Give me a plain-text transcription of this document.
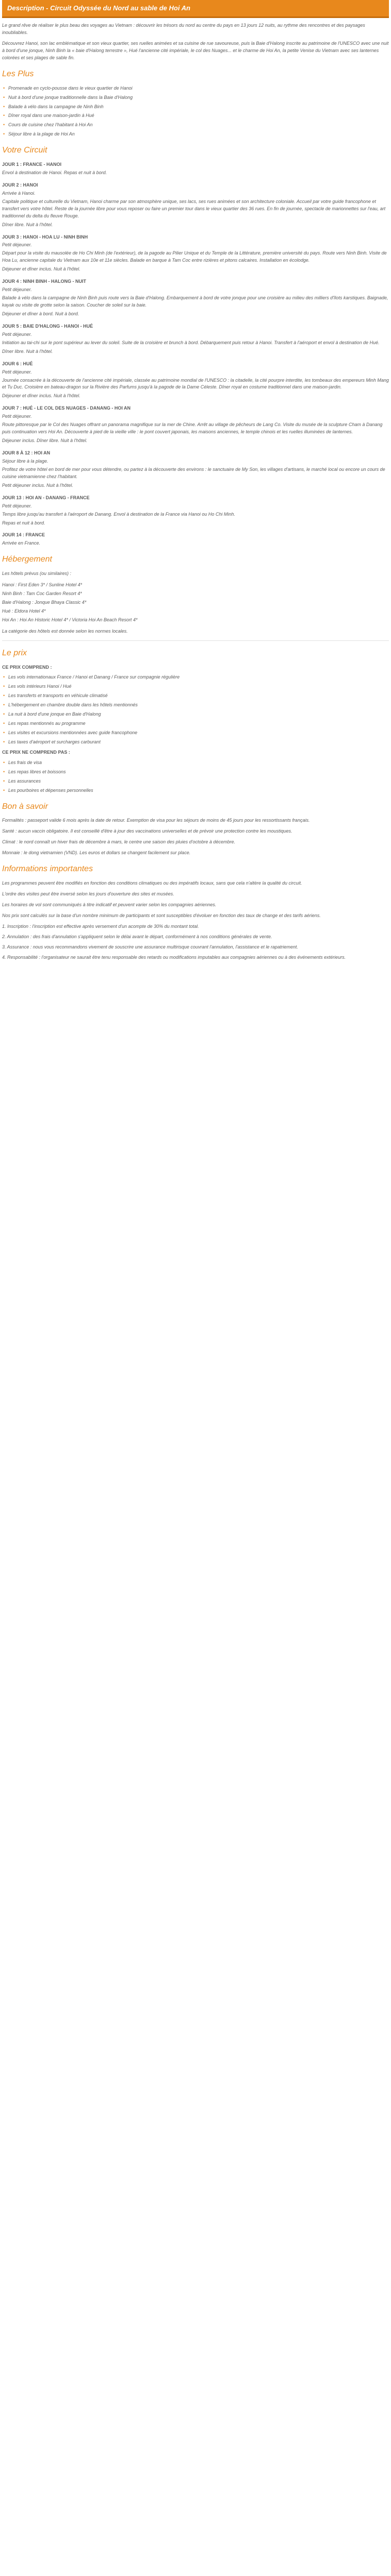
Description - Circuit Odyssée du Nord au sable de Hoi An

Le grand rêve de réaliser le plus beau des voyages au Vietnam : découvrir les trésors du nord au centre du pays en 13 jours 12 nuits, au rythme des rencontres et des paysages inoubliables.

Découvrez Hanoi, son lac emblématique et son vieux quartier, ses ruelles animées et sa cuisine de rue savoureuse, puis la Baie d'Halong inscrite au patrimoine de l'UNESCO avec une nuit à bord d'une jonque, Ninh Binh la « baie d'Halong terrestre », Hué l'ancienne cité impériale, le col des Nuages... et le charme de Hoi An, la petite Venise du Vietnam avec ses lanternes colorées et ses plages de sable fin.

Les Plus
• Promenade en cyclo-pousse dans le vieux quartier de Hanoi
• Nuit à bord d'une jonque traditionnelle dans la Baie d'Halong
• Balade à vélo dans la campagne de Ninh Binh
• Dîner royal dans une maison-jardin à Hué
• Cours de cuisine chez l'habitant à Hoi An
• Séjour libre à la plage de Hoi An
Votre Circuit

JOUR 1 : FRANCE - HANOI

Envol à destination de Hanoi. Repas et nuit à bord.

JOUR 2 : HANOI

Arrivée à Hanoi.

Capitale politique et culturelle du Vietnam, Hanoi charme par son atmosphère unique, ses lacs, ses rues animées et son architecture coloniale. Accueil par votre guide francophone et transfert vers votre hôtel. Reste de la journée libre pour vous reposer ou faire un premier tour dans le vieux quartier des 36 rues. En fin de journée, spectacle de marionnettes sur l'eau, art traditionnel du delta du fleuve Rouge.

Dîner libre. Nuit à l'hôtel.

JOUR 3 : HANOI - HOA LU - NINH BINH

Petit déjeuner.

Départ pour la visite du mausolée de Ho Chi Minh (de l'extérieur), de la pagode au Pilier Unique et du Temple de la Littérature, première université du pays. Route vers Ninh Binh. Visite de Hoa Lu, ancienne capitale du Vietnam aux 10e et 11e siècles. Balade en barque à Tam Coc entre rizières et pitons calcaires. Installation en écolodge.

Déjeuner et dîner inclus. Nuit à l'hôtel.

JOUR 4 : NINH BINH - HALONG - NUIT

Petit déjeuner.

Balade à vélo dans la campagne de Ninh Binh puis route vers la Baie d'Halong. Embarquement à bord de votre jonque pour une croisière au milieu des milliers d'îlots karstiques. Baignade, kayak ou visite de grotte selon la saison. Coucher de soleil sur la baie.

Déjeuner et dîner à bord. Nuit à bord.

JOUR 5 : BAIE D'HALONG - HANOI - HUÉ

Petit déjeuner.

Initiation au tai-chi sur le pont supérieur au lever du soleil. Suite de la croisière et brunch à bord. Débarquement puis retour à Hanoi. Transfert à l'aéroport et envol à destination de Hué.

Dîner libre. Nuit à l'hôtel.

JOUR 6 : HUÉ

Petit déjeuner.

Journée consacrée à la découverte de l'ancienne cité impériale, classée au patrimoine mondial de l'UNESCO : la citadelle, la cité pourpre interdite, les tombeaux des empereurs Minh Mang et Tu Duc. Croisière en bateau-dragon sur la Rivière des Parfums jusqu'à la pagode de la Dame Céleste. Dîner royal en costume traditionnel dans une maison-jardin.

Déjeuner et dîner inclus. Nuit à l'hôtel.

JOUR 7 : HUÉ - LE COL DES NUAGES - DANANG - HOI AN

Petit déjeuner.

Route pittoresque par le Col des Nuages offrant un panorama magnifique sur la mer de Chine. Arrêt au village de pêcheurs de Lang Co. Visite du musée de la sculpture Cham à Danang puis continuation vers Hoi An. Découverte à pied de la vieille ville : le pont couvert japonais, les maisons anciennes, le temple chinois et les ruelles illuminées de lanternes.

Déjeuner inclus. Dîner libre. Nuit à l'hôtel.

JOUR 8 À 12 : HOI AN

Séjour libre à la plage.

Profitez de votre hôtel en bord de mer pour vous détendre, ou partez à la découverte des environs : le sanctuaire de My Son, les villages d'artisans, le marché local ou encore un cours de cuisine vietnamienne chez l'habitant.

Petit déjeuner inclus. Nuit à l'hôtel.

JOUR 13 : HOI AN - DANANG - FRANCE

Petit déjeuner.

Temps libre jusqu'au transfert à l'aéroport de Danang. Envol à destination de la France via Hanoi ou Ho Chi Minh.

Repas et nuit à bord.

JOUR 14 : FRANCE

Arrivée en France.

Hébergement

Les hôtels prévus (ou similaires) :

Hanoi : First Eden 3* / Sunline Hotel 4*

Ninh Binh : Tam Coc Garden Resort 4*

Baie d'Halong : Jonque Bhaya Classic 4*

Hué : Eldora Hotel 4*

Hoi An : Hoi An Historic Hotel 4* / Victoria Hoi An Beach Resort 4*

La catégorie des hôtels est donnée selon les normes locales.

Le prix

CE PRIX COMPREND :

• Les vols internationaux France / Hanoi et Danang / France sur compagnie régulière
• Les vols intérieurs Hanoi / Hué
• Les transferts et transports en véhicule climatisé
• L'hébergement en chambre double dans les hôtels mentionnés
• La nuit à bord d'une jonque en Baie d'Halong
• Les repas mentionnés au programme
• Les visites et excursions mentionnées avec guide francophone
• Les taxes d'aéroport et surcharges carburant

CE PRIX NE COMPREND PAS :

• Les frais de visa
• Les repas libres et boissons
• Les assurances
• Les pourboires et dépenses personnelles
Bon à savoir

Formalités : passeport valide 6 mois après la date de retour. Exemption de visa pour les séjours de moins de 45 jours pour les ressortissants français.

Santé : aucun vaccin obligatoire. Il est conseillé d'être à jour des vaccinations universelles et de prévoir une protection contre les moustiques.

Climat : le nord connaît un hiver frais de décembre à mars, le centre une saison des pluies d'octobre à décembre.

Monnaie : le dong vietnamien (VND). Les euros et dollars se changent facilement sur place.

Informations importantes

Les programmes peuvent être modifiés en fonction des conditions climatiques ou des impératifs locaux, sans que cela n'altère la qualité du circuit.

L'ordre des visites peut être inversé selon les jours d'ouverture des sites et musées.

Les horaires de vol sont communiqués à titre indicatif et peuvent varier selon les compagnies aériennes.

Nos prix sont calculés sur la base d'un nombre minimum de participants et sont susceptibles d'évoluer en fonction des taux de change et des tarifs aériens.

1. Inscription : l'inscription est effective après versement d'un acompte de 30% du montant total.

2. Annulation : des frais d'annulation s'appliquent selon le délai avant le départ, conformément à nos conditions générales de vente.

3. Assurance : nous vous recommandons vivement de souscrire une assurance multirisque couvrant l'annulation, l'assistance et le rapatriement.

4. Responsabilité : l'organisateur ne saurait être tenu responsable des retards ou modifications imputables aux compagnies aériennes ou à des événements extérieurs.
